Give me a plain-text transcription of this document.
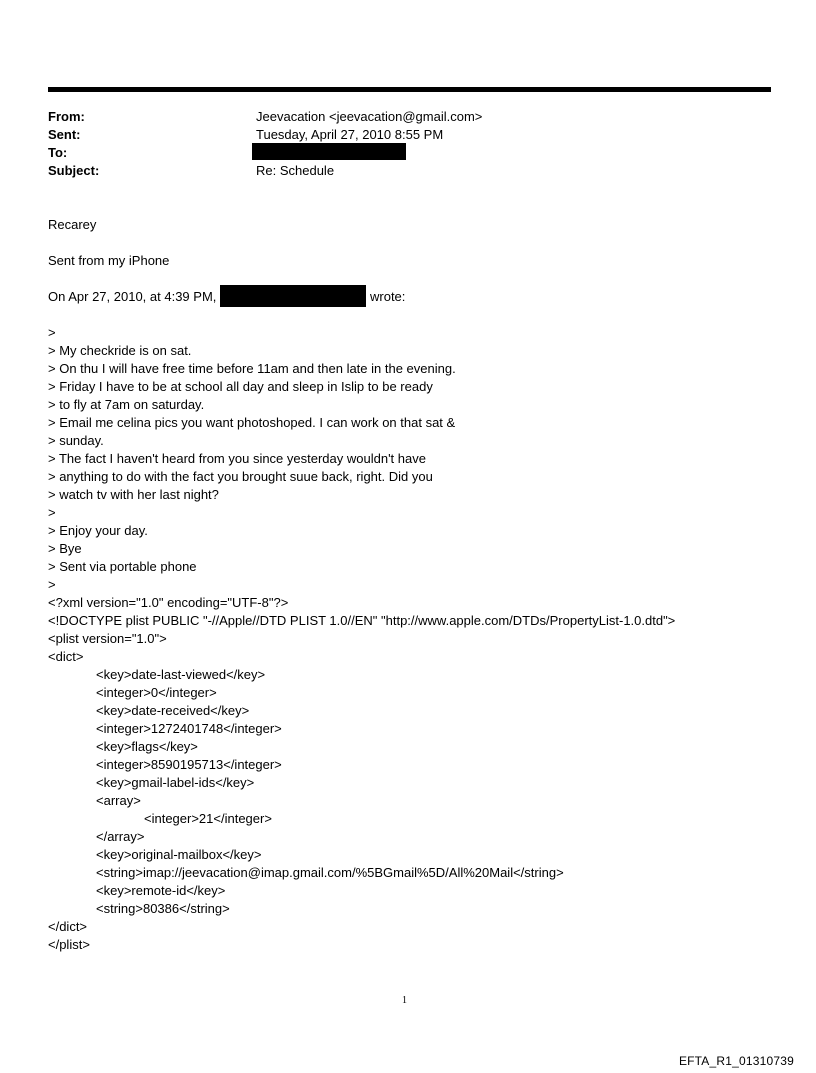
From:	Jeevacation <jeevacation@gmail.com>
Sent:	Tuesday, April 27, 2010 8:55 PM
To:
Subject:	Re: Schedule
Recarey
Sent from my iPhone
On Apr 27, 2010, at 4:39 PM,	wrote:
>
> My checkride is on sat.
> On thu I will have free time before 11am and then late in the evening.
> Friday I have to be at school all day and sleep in Islip to be ready
> to fly at 7am on saturday.
> Email me celina pics you want photoshoped. I can work on that sat &
> sunday.
> The fact I haven't heard from you since yesterday wouldn't have
> anything to do with the fact you brought suue back, right. Did you
> watch tv with her last night?
>
> Enjoy your day.
> Bye
> Sent via portable phone
>
<?xml version="1.0" encoding="UTF-8"?>
<!DOCTYPE plist PUBLIC "-//Apple//DTD PLIST 1.0//EN" "http://www.apple.com/DTDs/PropertyList-1.0.dtd">
<plist version="1.0">
<dict>
<key>date-last-viewed</key>
<integer>0</integer>
<key>date-received</key>
<integer>1272401748</integer>
<key>flags</key>
<integer>8590195713</integer>
<key>gmail-label-ids</key>
<array>
<integer>21</integer>
</array>
<key>original-mailbox</key>
<string>imap://jeevacation@imap.gmail.com/%5BGmail%5D/All%20Mail</string>
<key>remote-id</key>
<string>80386</string>
</dict>
</plist>
1
EFTA_R1_01310739
